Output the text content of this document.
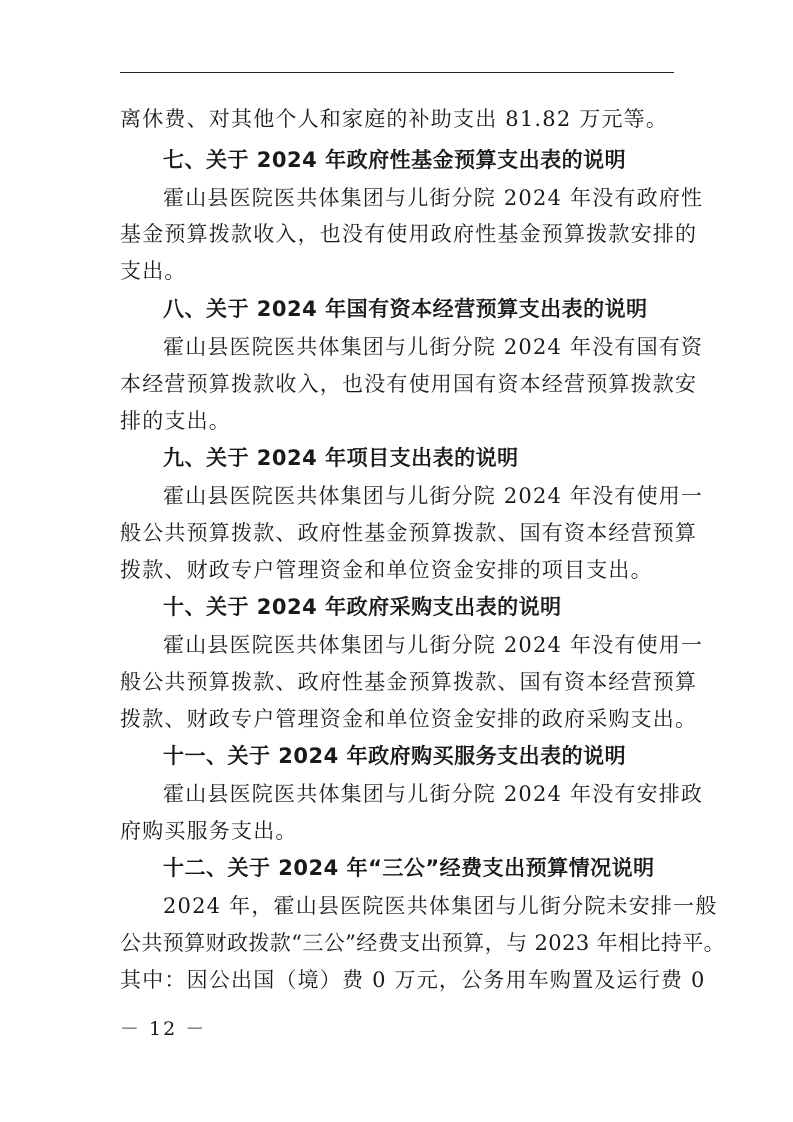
离休费、对其他个人和家庭的补助支出 81.82 万元等。
七、关于 2024 年政府性基金预算支出表的说明
霍山县医院医共体集团与儿街分院 2024 年没有政府性
基金预算拨款收入，也没有使用政府性基金预算拨款安排的
支出。
八、关于 2024 年国有资本经营预算支出表的说明
霍山县医院医共体集团与儿街分院 2024 年没有国有资
本经营预算拨款收入，也没有使用国有资本经营预算拨款安
排的支出。
九、关于 2024 年项目支出表的说明
霍山县医院医共体集团与儿街分院 2024 年没有使用一
般公共预算拨款、政府性基金预算拨款、国有资本经营预算
拨款、财政专户管理资金和单位资金安排的项目支出。
十、关于 2024 年政府采购支出表的说明
霍山县医院医共体集团与儿街分院 2024 年没有使用一
般公共预算拨款、政府性基金预算拨款、国有资本经营预算
拨款、财政专户管理资金和单位资金安排的政府采购支出。
十一、关于 2024 年政府购买服务支出表的说明
霍山县医院医共体集团与儿街分院 2024 年没有安排政
府购买服务支出。
十二、关于 2024 年“三公”经费支出预算情况说明
2024 年，霍山县医院医共体集团与儿街分院未安排一般
公共预算财政拨款“三公”经费支出预算，与 2023 年相比持平。
其中：因公出国（境）费 0 万元，公务用车购置及运行费 0
－ 12 －
